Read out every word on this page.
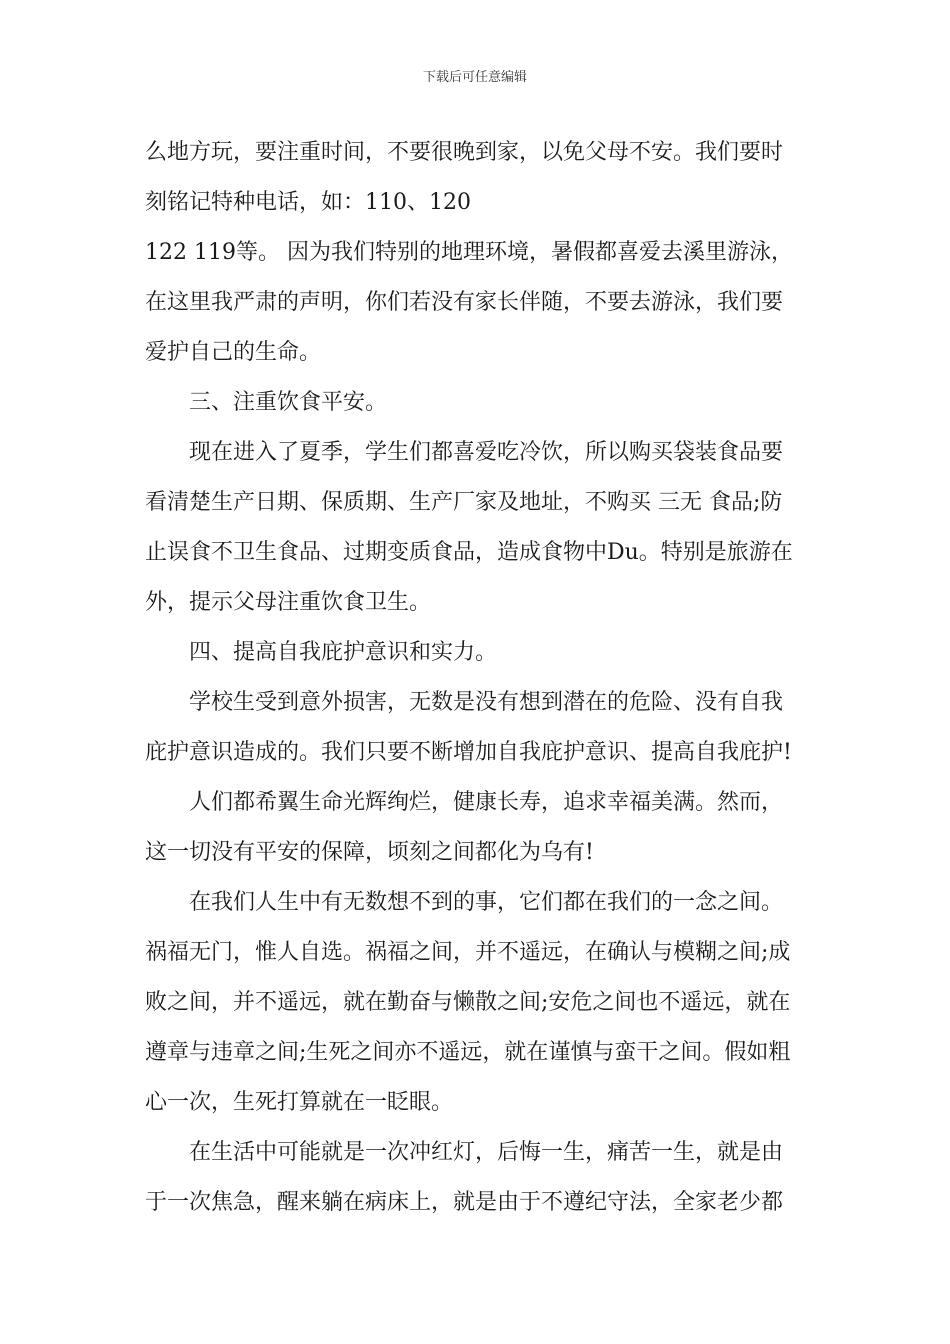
下载后可任意编辑
么地方玩，要注重时间，不要很晚到家，以免父母不安。我们要时
刻铭记特种电话，如：110、120
122 119等。 因为我们特别的地理环境，暑假都喜爱去溪里游泳，
在这里我严肃的声明，你们若没有家长伴随，不要去游泳，我们要
爱护自己的生命。
三、注重饮食平安。
现在进入了夏季，学生们都喜爱吃冷饮，所以购买袋装食品要
看清楚生产日期、保质期、生产厂家及地址，不购买 三无 食品;防
止误食不卫生食品、过期变质食品，造成食物中Du。特别是旅游在
外，提示父母注重饮食卫生。
四、提高自我庇护意识和实力。
学校生受到意外损害，无数是没有想到潜在的危险、没有自我
庇护意识造成的。我们只要不断增加自我庇护意识、提高自我庇护!
人们都希翼生命光辉绚烂，健康长寿，追求幸福美满。然而，
这一切没有平安的保障，顷刻之间都化为乌有!
在我们人生中有无数想不到的事，它们都在我们的一念之间。
祸福无门，惟人自选。祸福之间，并不遥远，在确认与模糊之间;成
败之间，并不遥远，就在勤奋与懒散之间;安危之间也不遥远，就在
遵章与违章之间;生死之间亦不遥远，就在谨慎与蛮干之间。假如粗
心一次，生死打算就在一眨眼。
在生活中可能就是一次冲红灯，后悔一生，痛苦一生，就是由
于一次焦急，醒来躺在病床上，就是由于不遵纪守法，全家老少都
